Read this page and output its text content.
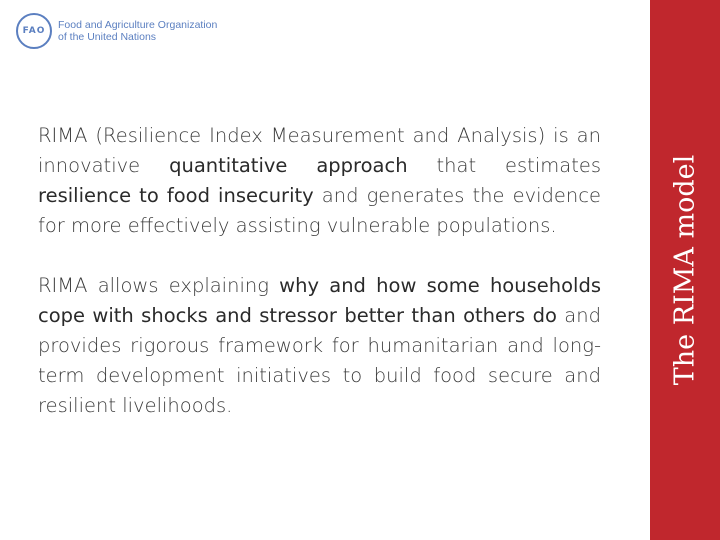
FAO	Food and Agriculture Organization
of the United Nations

RIMA (Resilience Index Measurement and Analysis) is an innovative quantitative approach that estimates resilience to food insecurity and generates the evidence for more effectively assisting vulnerable populations.

RIMA allows explaining why and how some households cope with shocks and stressor better than others do and provides rigorous framework for humanitarian and long-term development initiatives to build food secure and resilient livelihoods.

The RIMA model
